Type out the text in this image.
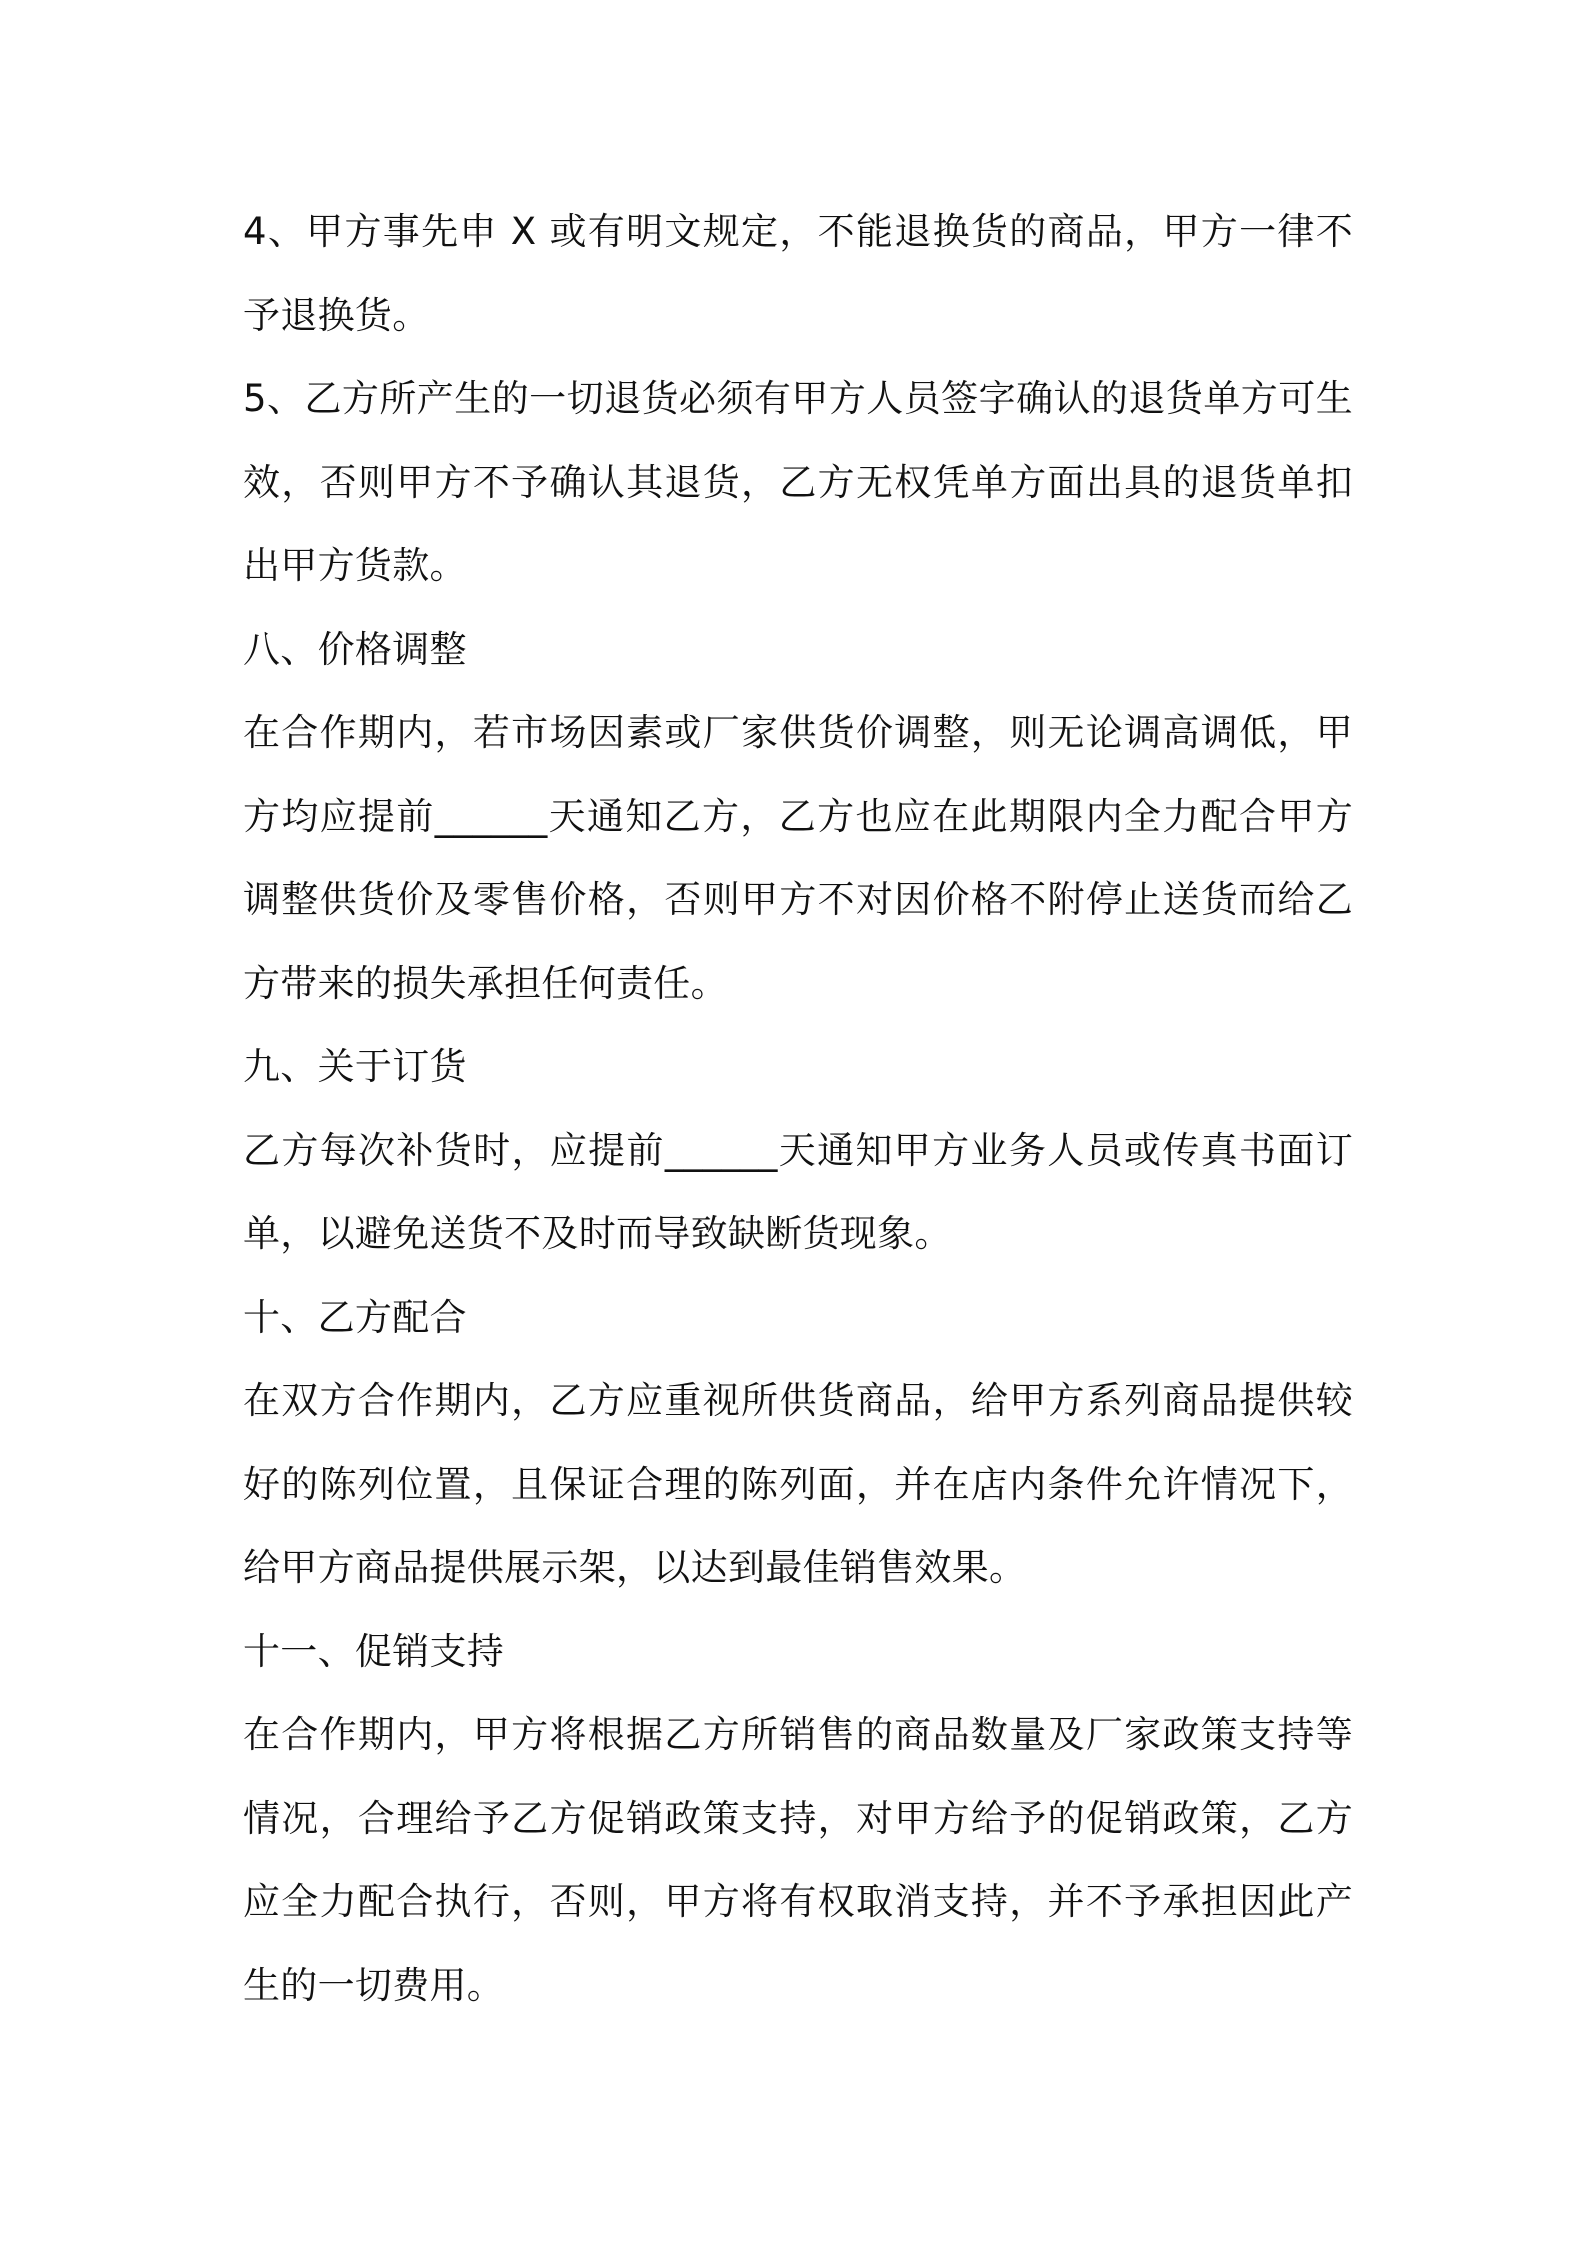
4、甲方事先申 X 或有明文规定，不能退换货的商品，甲方一律不予退换货。

5、乙方所产生的一切退货必须有甲方人员签字确认的退货单方可生效，否则甲方不予确认其退货，乙方无权凭单方面出具的退货单扣出甲方货款。

八、价格调整

在合作期内，若市场因素或厂家供货价调整，则无论调高调低，甲方均应提前______天通知乙方，乙方也应在此期限内全力配合甲方调整供货价及零售价格，否则甲方不对因价格不附停止送货而给乙方带来的损失承担任何责任。

九、关于订货

乙方每次补货时，应提前______天通知甲方业务人员或传真书面订单，以避免送货不及时而导致缺断货现象。

十、乙方配合

在双方合作期内，乙方应重视所供货商品，给甲方系列商品提供较好的陈列位置，且保证合理的陈列面，并在店内条件允许情况下，给甲方商品提供展示架，以达到最佳销售效果。

十一、促销支持

在合作期内，甲方将根据乙方所销售的商品数量及厂家政策支持等情况，合理给予乙方促销政策支持，对甲方给予的促销政策，乙方应全力配合执行，否则，甲方将有权取消支持，并不予承担因此产生的一切费用。
